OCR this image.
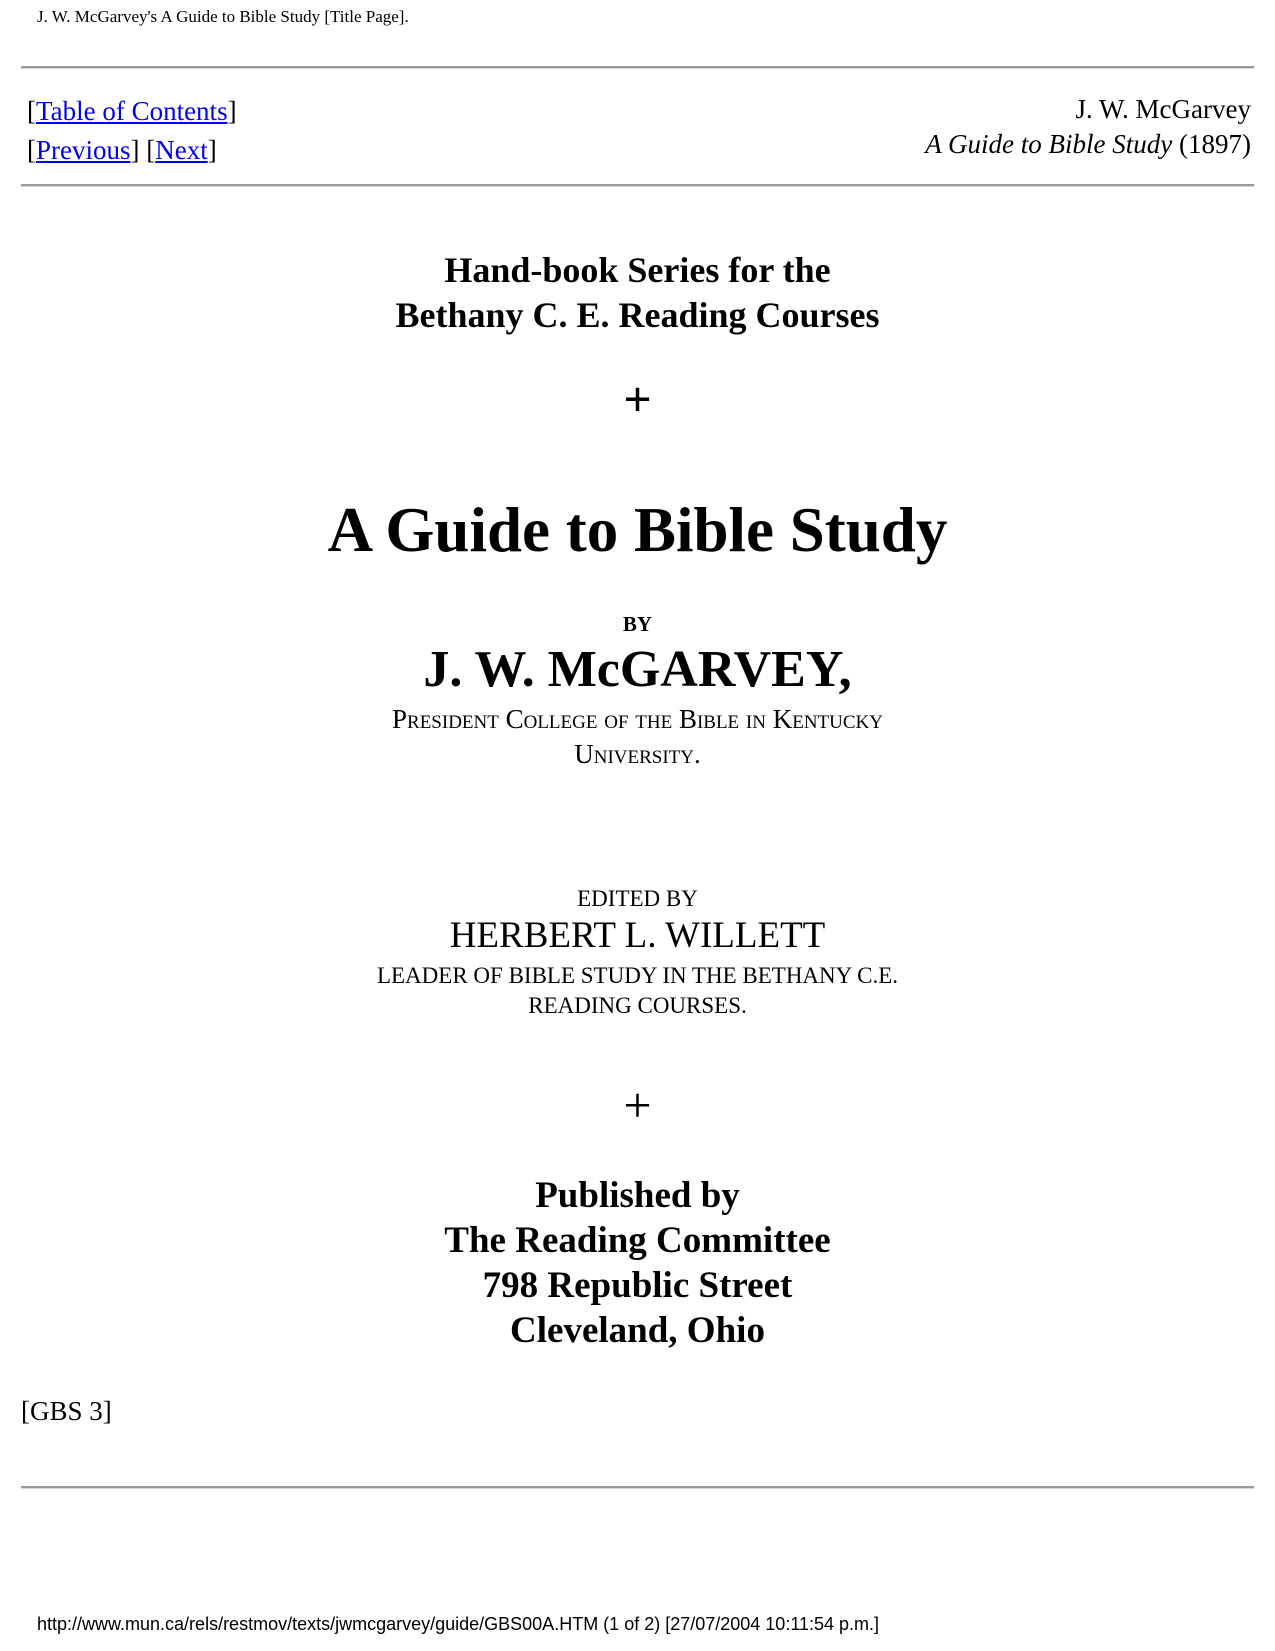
J. W. McGarvey's A Guide to Bible Study [Title Page].
[Table of Contents]
[Previous] [Next]
J. W. McGarvey
A Guide to Bible Study (1897)
Hand-book Series for the
Bethany C. E. Reading Courses
+
A Guide to Bible Study
BY
J. W. McGARVEY,
President College of the Bible in Kentucky
University.
EDITED BY
HERBERT L. WILLETT
LEADER OF BIBLE STUDY IN THE BETHANY C.E.
READING COURSES.
+
Published by
The Reading Committee
798 Republic Street
Cleveland, Ohio
[GBS 3]
http://www.mun.ca/rels/restmov/texts/jwmcgarvey/guide/GBS00A.HTM (1 of 2) [27/07/2004 10:11:54 p.m.]
